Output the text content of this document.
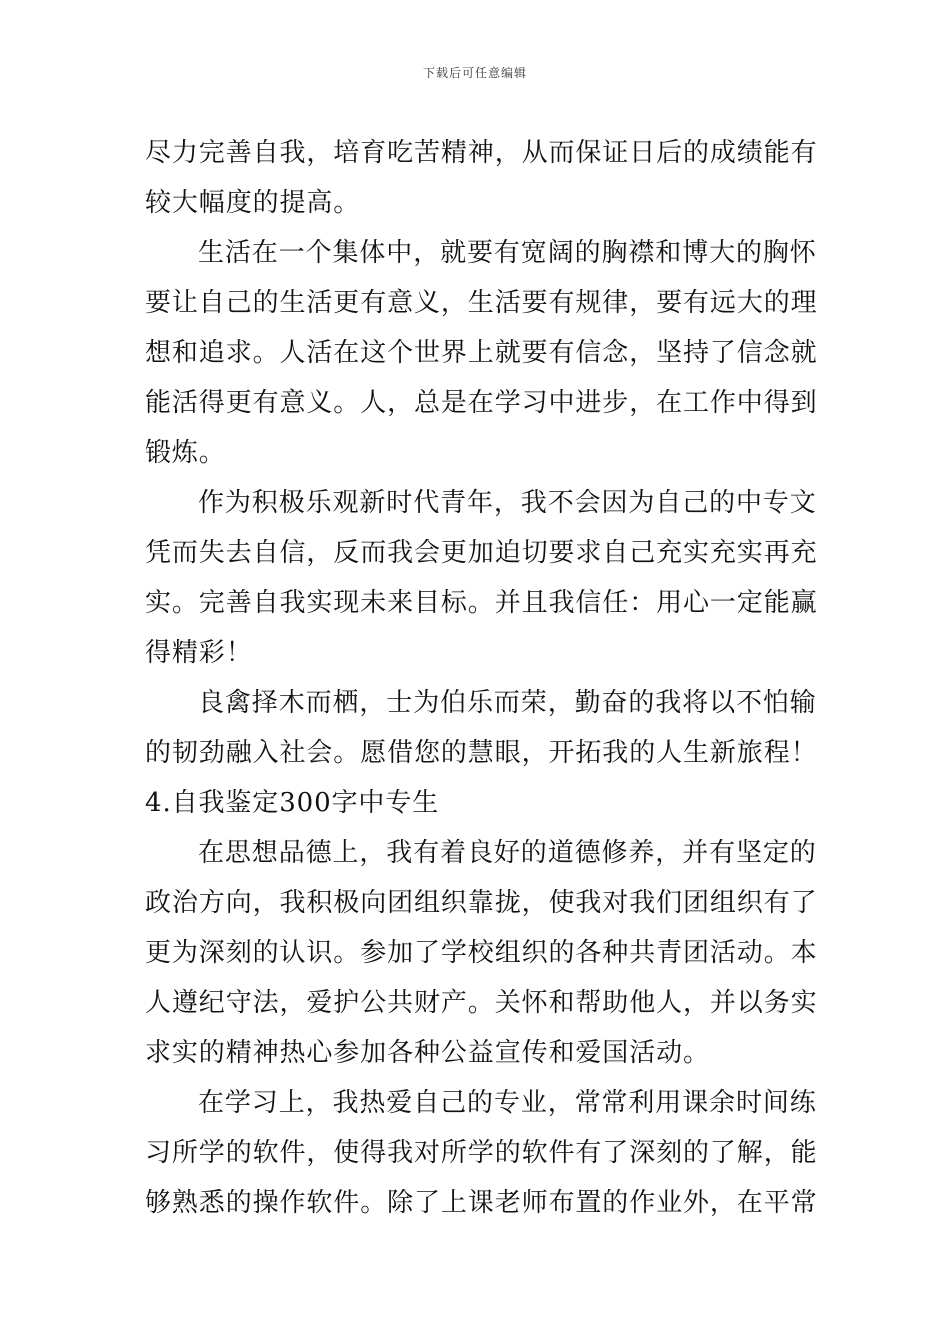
下载后可任意编辑
尽力完善自我，培育吃苦精神，从而保证日后的成绩能有
较大幅度的提高。
生活在一个集体中，就要有宽阔的胸襟和博大的胸怀
要让自己的生活更有意义，生活要有规律，要有远大的理
想和追求。人活在这个世界上就要有信念，坚持了信念就
能活得更有意义。人，总是在学习中进步，在工作中得到
锻炼。
作为积极乐观新时代青年，我不会因为自己的中专文
凭而失去自信，反而我会更加迫切要求自己充实充实再充
实。完善自我实现未来目标。并且我信任：用心一定能赢
得精彩！
良禽择木而栖，士为伯乐而荣，勤奋的我将以不怕输
的韧劲融入社会。愿借您的慧眼，开拓我的人生新旅程！
4.自我鉴定300字中专生
在思想品德上，我有着良好的道德修养，并有坚定的
政治方向，我积极向团组织靠拢，使我对我们团组织有了
更为深刻的认识。参加了学校组织的各种共青团活动。本
人遵纪守法，爱护公共财产。关怀和帮助他人，并以务实
求实的精神热心参加各种公益宣传和爱国活动。
在学习上，我热爱自己的专业，常常利用课余时间练
习所学的软件，使得我对所学的软件有了深刻的了解，能
够熟悉的操作软件。除了上课老师布置的作业外，在平常
